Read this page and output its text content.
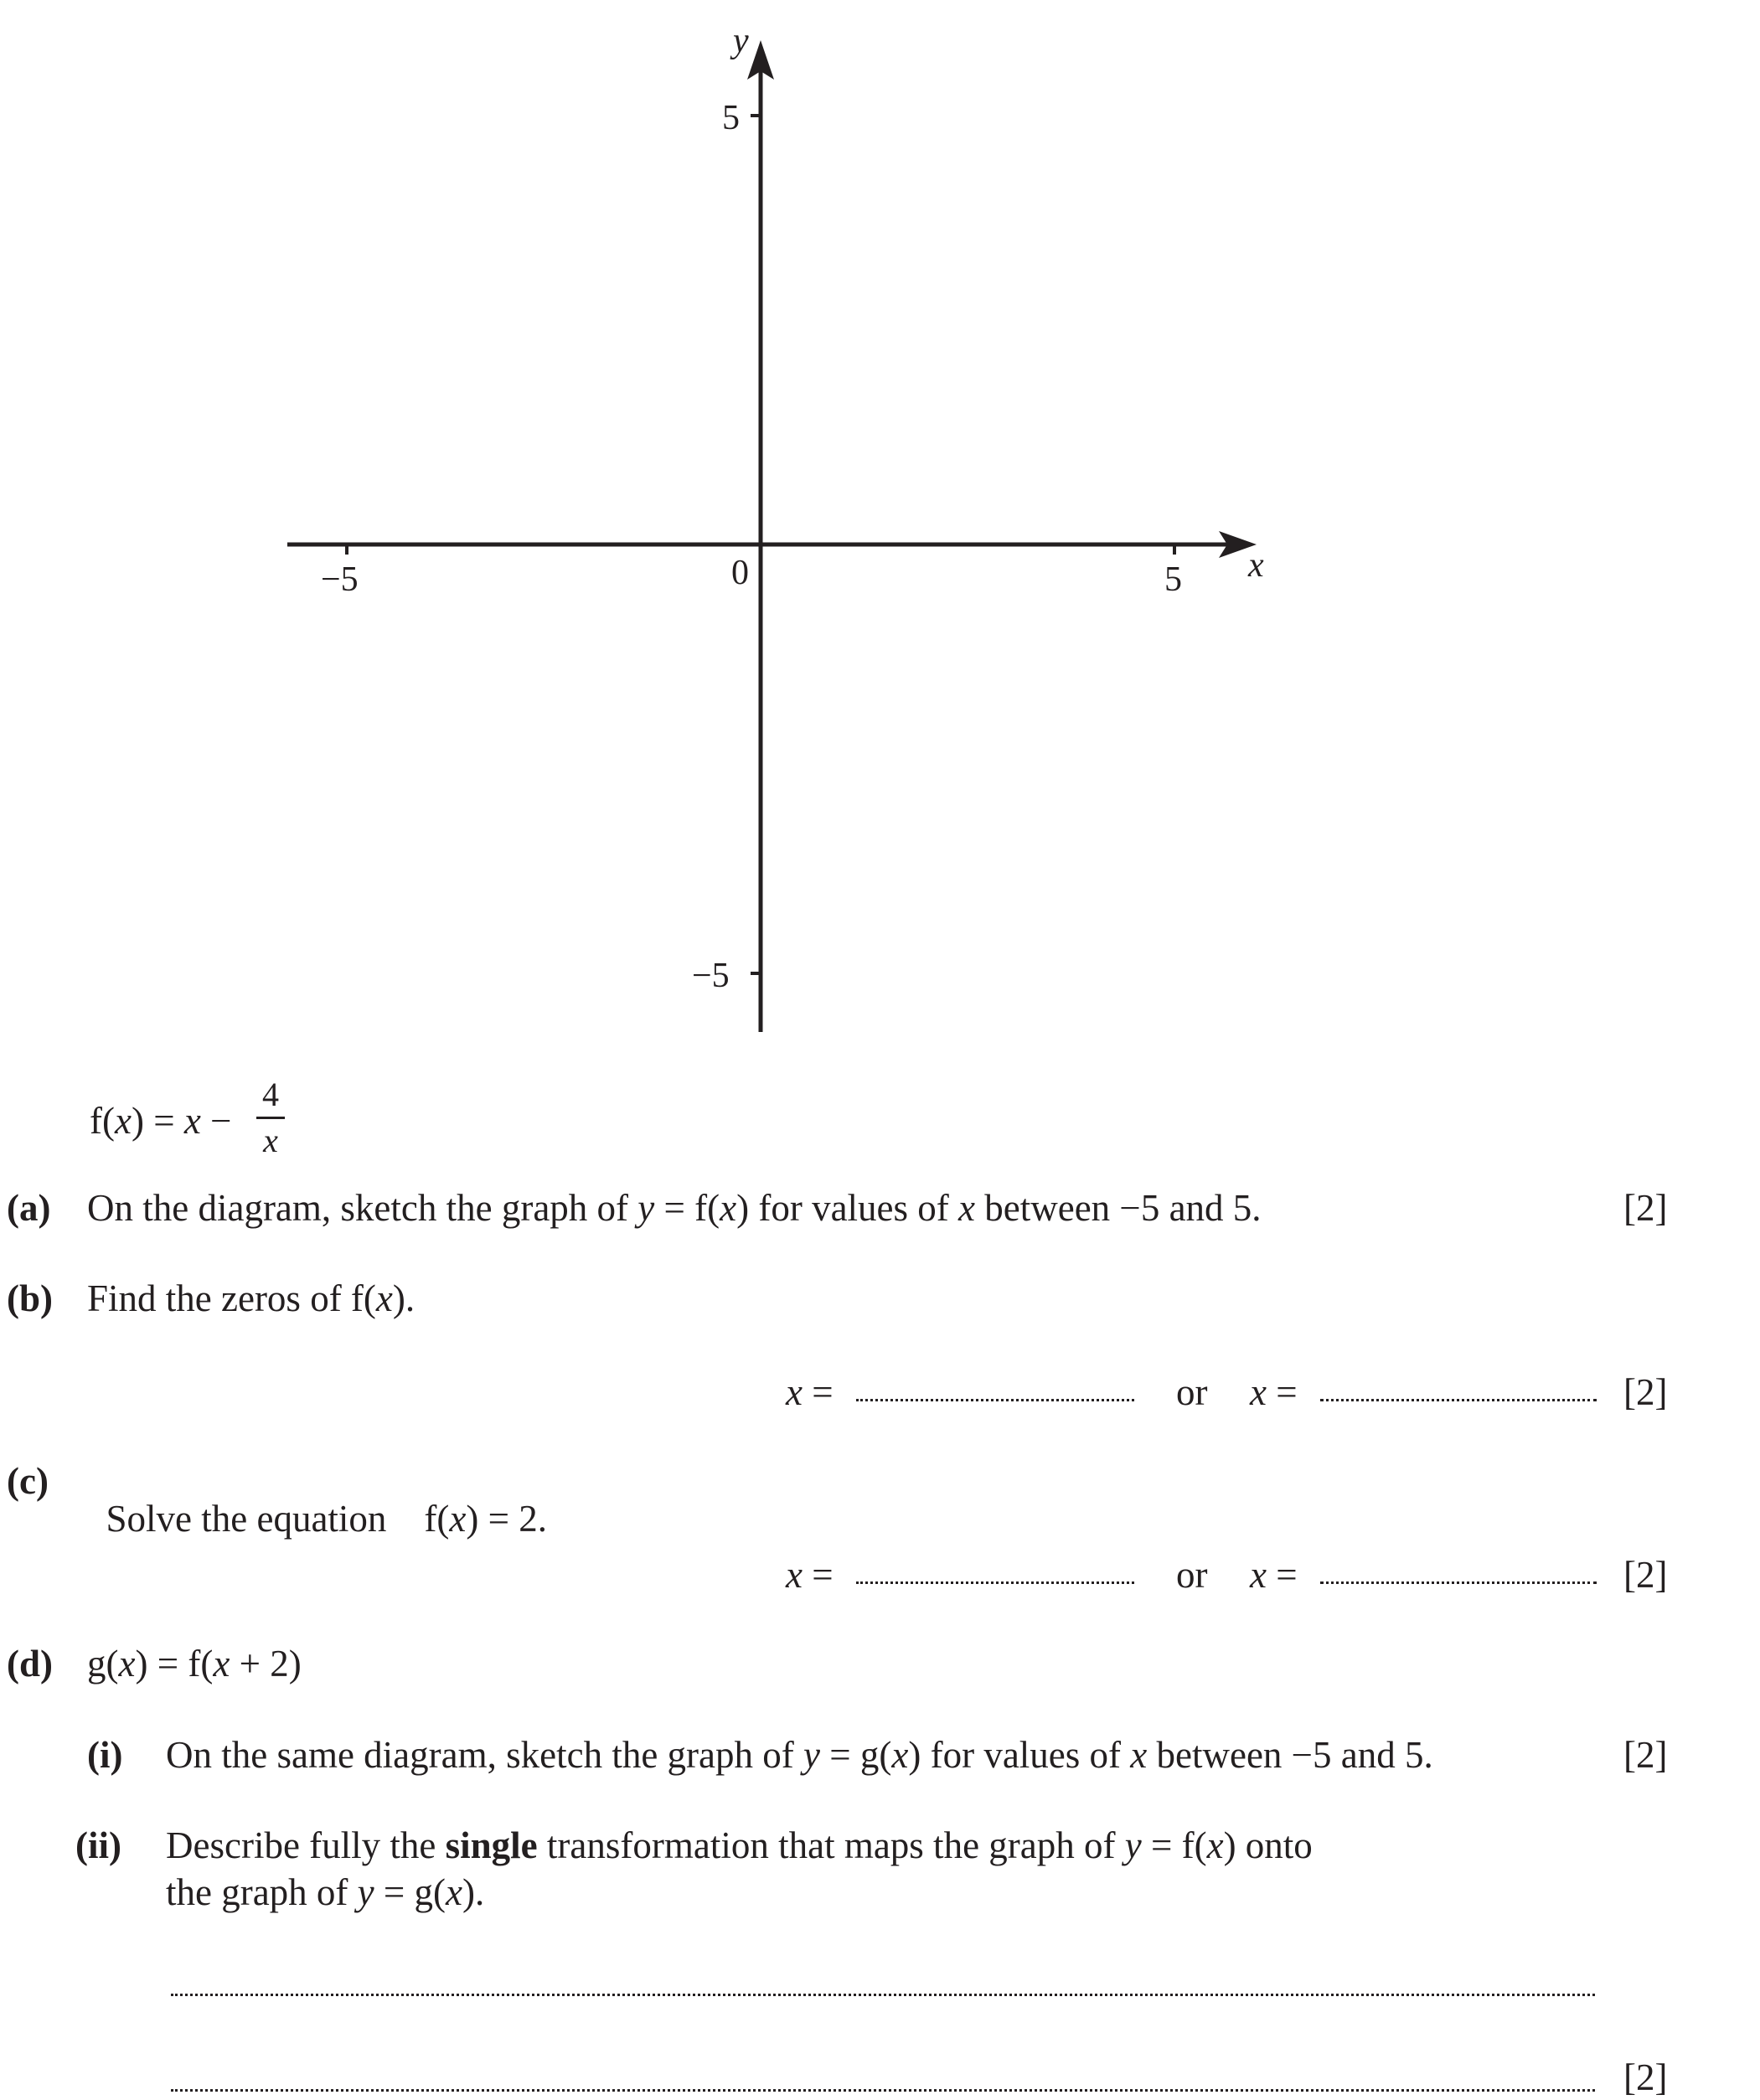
y
x
5
−5
−5	5
0
f(x) = x −
4
x
(a) On the diagram, sketch the graph of y = f(x) for values of x between −5 and 5.	[2]
(b) Find the zeros of f(x).
x =	or x =	[2]
(c)

Solve the equation    f(x) = 2.

x =	or x =	[2]
(d) g(x) = f(x + 2)
(i) On the same diagram, sketch the graph of y = g(x) for values of x between −5 and 5.	[2]
(ii) Describe fully the single transformation that maps the graph of y = f(x) onto
the graph of y = g(x).
[2]
